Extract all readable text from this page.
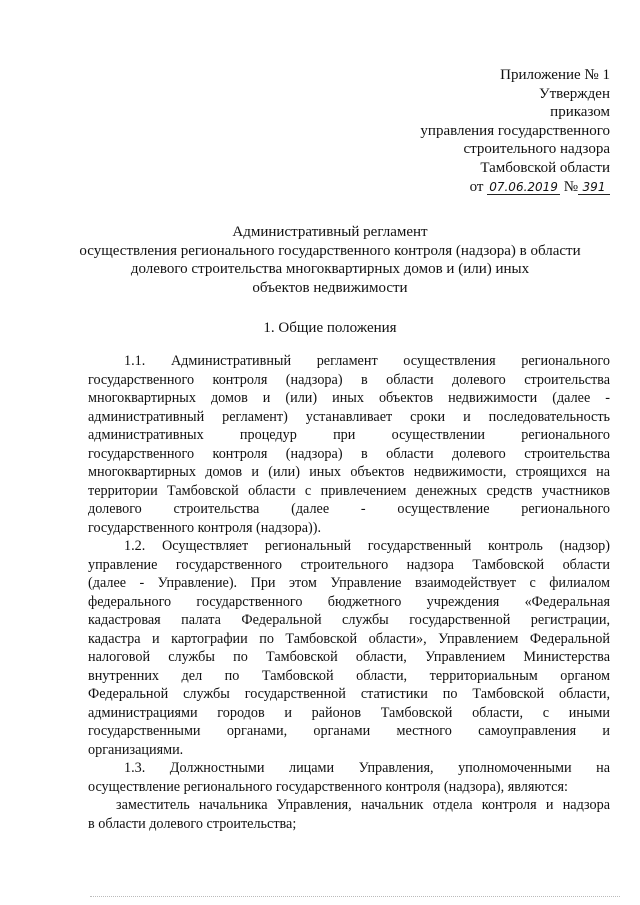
Приложение № 1
Утвержден
приказом
управления государственного
строительного надзора
Тамбовской области
от 07.06.2019 № 391
Административный регламент
осуществления регионального государственного контроля (надзора) в области
долевого строительства многоквартирных домов и (или) иных
объектов недвижимости
1. Общие положения

1.1. Административный регламент осуществления регионального
государственного контроля (надзора) в области долевого строительства
многоквартирных домов и (или) иных объектов недвижимости (далее -
административный регламент) устанавливает сроки и последовательность
административных процедур при осуществлении регионального
государственного контроля (надзора) в области долевого строительства
многоквартирных домов и (или) иных объектов недвижимости, строящихся на
территории Тамбовской области с привлечением денежных средств участников
долевого строительства (далее - осуществление регионального
государственного контроля (надзора)).

1.2. Осуществляет региональный государственный контроль (надзор)
управление государственного строительного надзора Тамбовской области
(далее - Управление). При этом Управление взаимодействует с филиалом
федерального государственного бюджетного учреждения «Федеральная
кадастровая палата Федеральной службы государственной регистрации,
кадастра и картографии по Тамбовской области», Управлением Федеральной
налоговой службы по Тамбовской области, Управлением Министерства
внутренних дел по Тамбовской области, территориальным органом
Федеральной службы государственной статистики по Тамбовской области,
администрациями городов и районов Тамбовской области, с иными
государственными органами, органами местного самоуправления и
организациями.

1.3. Должностными лицами Управления, уполномоченными на
осуществление регионального государственного контроля (надзора), являются:

заместитель начальника Управления, начальник отдела контроля и надзора
в области долевого строительства;
